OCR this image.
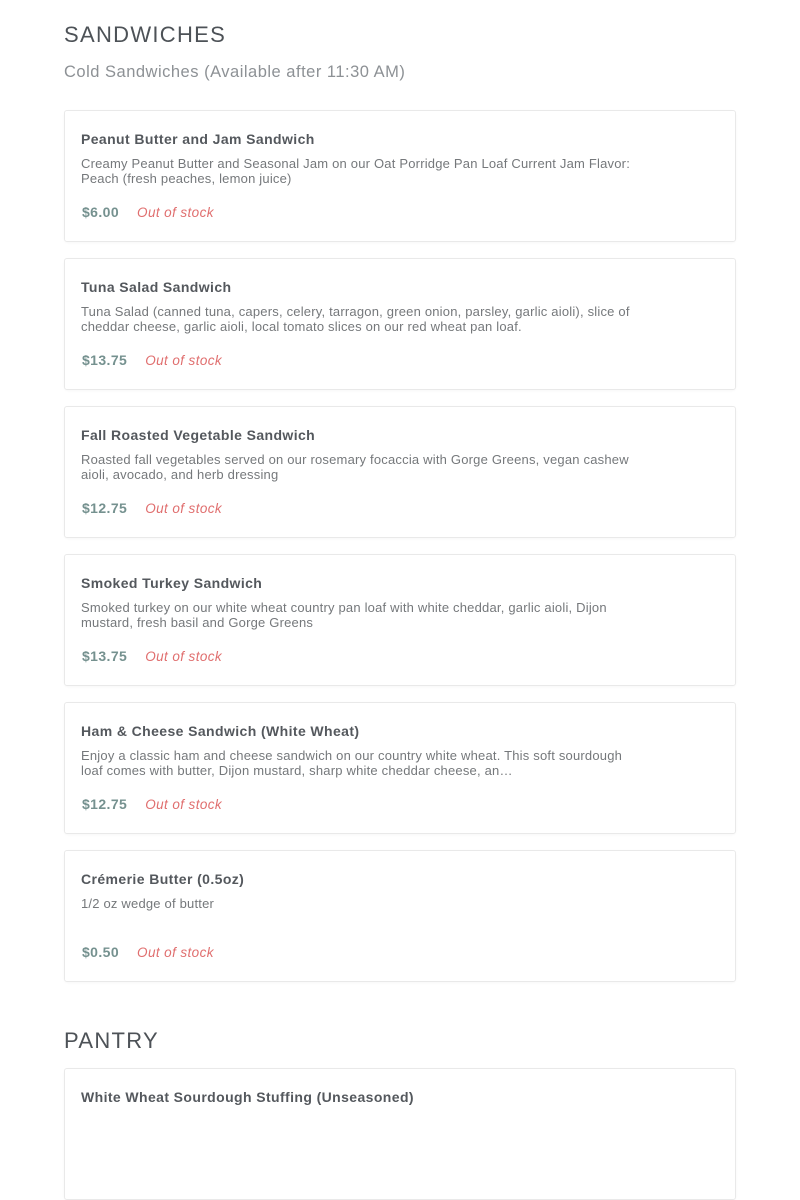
SANDWICHES
Cold Sandwiches (Available after 11:30 AM)
Peanut Butter and Jam Sandwich
Creamy Peanut Butter and Seasonal Jam on our Oat Porridge Pan Loaf Current Jam Flavor: Peach (fresh peaches, lemon juice)
$6.00 Out of stock
Tuna Salad Sandwich
Tuna Salad (canned tuna, capers, celery, tarragon, green onion, parsley, garlic aioli), slice of cheddar cheese, garlic aioli, local tomato slices on our red wheat pan loaf.
$13.75 Out of stock
Fall Roasted Vegetable Sandwich
Roasted fall vegetables served on our rosemary focaccia with Gorge Greens, vegan cashew aioli, avocado, and herb dressing
$12.75 Out of stock
Smoked Turkey Sandwich
Smoked turkey on our white wheat country pan loaf with white cheddar, garlic aioli, Dijon mustard, fresh basil and Gorge Greens
$13.75 Out of stock
Ham & Cheese Sandwich (White Wheat)
Enjoy a classic ham and cheese sandwich on our country white wheat. This soft sourdough loaf comes with butter, Dijon mustard, sharp white cheddar cheese, an…
$12.75 Out of stock
Crémerie Butter (0.5oz)
1/2 oz wedge of butter
$0.50 Out of stock
PANTRY
White Wheat Sourdough Stuffing (Unseasoned)
